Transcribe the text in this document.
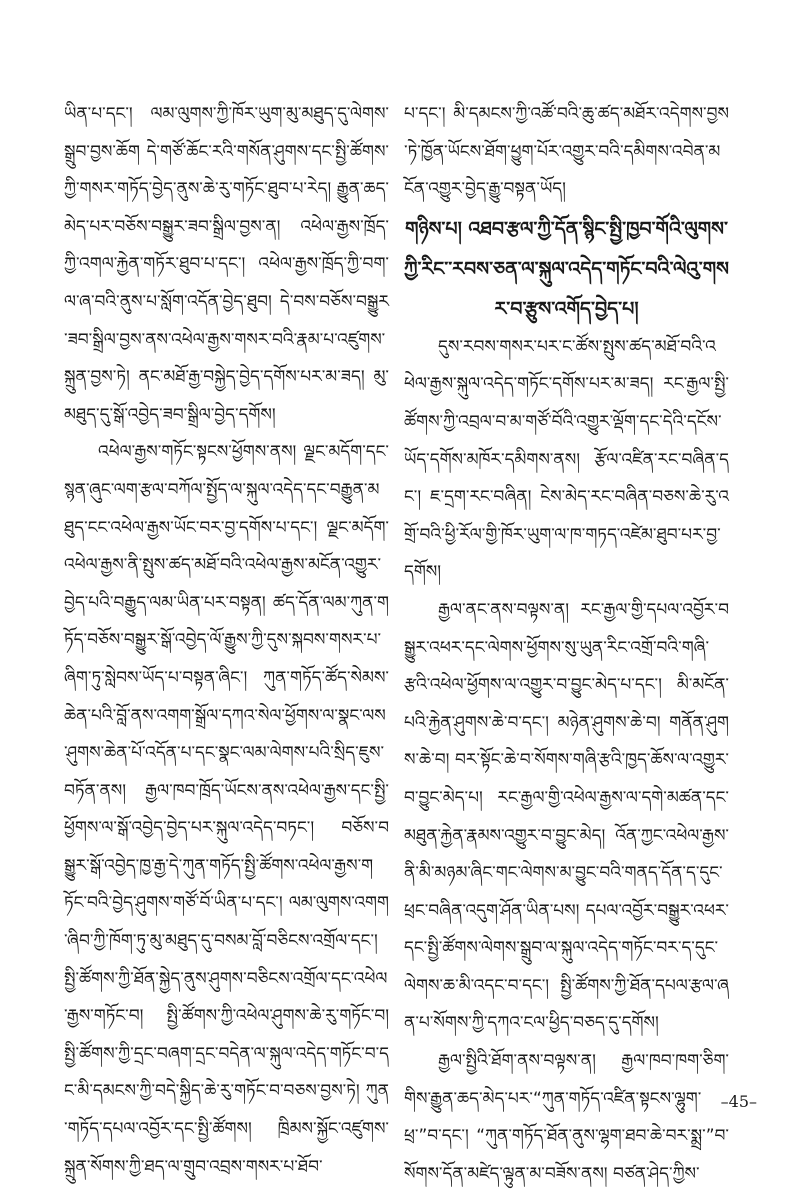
ཡིན་པ་དང་། ལམ་ལུགས་ཀྱི་ཁོར་ཡུག་མུ་མཐུད་དུ་ལེགས་སྒྲུབ་བྱས་ཆོག དེ་གཙོ་ཆོང་རའི་གསོན་ཤུགས་དང་སྤྱི་ཚོགས་ཀྱི་གསར་གཏོད་བྱེད་ནུས་ཆེ་རུ་གཏོང་ཐུབ་པ་རེད། རྒྱུན་ཆད་མེད་པར་བཅོས་བསྒྱུར་ཟབ་སྒྲིལ་བྱས་ན། འཕེལ་རྒྱས་ཁྲོད་ཀྱི་འགལ་རྐྱེན་གཏོར་ཐུབ་པ་དང་། འཕེལ་རྒྱས་ཁྲོད་ཀྱི་བག་ལ་ཞ་བའི་ནུས་པ་སློག་འདོན་བྱེད་ཐུབ། དེ་བས་བཅོས་བསྒྱུར་ཟབ་སྒྲིལ་བྱས་ནས་འཕེལ་རྒྱས་གསར་བའི་རྣམ་པ་འཛུགས་སྐྲུན་བྱས་ཏེ། ནང་མཐོ་རྒྱ་བསྐྱེད་བྱེད་དགོས་པར་མ་ཟད། མུ་མཐུད་དུ་སྒོ་འབྱེད་ཟབ་སྒྲིལ་བྱེད་དགོས།

འཕེལ་རྒྱས་གཏོང་སྟངས་ཕྱོགས་ནས། ལྗང་མདོག་དང་སྙན་ཞུང་ལག་རྩལ་བཀོལ་སྤྱོད་ལ་སྐུལ་འདེད་དང་བརྒྱུན་མཐུད་ངང་འཕེལ་རྒྱས་ཡོང་བར་བྱ་དགོས་པ་དང་། ལྗང་མདོག་འཕེལ་རྒྱས་ནི་སྤུས་ཚད་མཐོ་བའི་འཕེལ་རྒྱས་མངོན་འགྱུར་བྱེད་པའི་བརྒྱུད་ལམ་ཡིན་པར་བསྟན། ཚད་དོན་ལམ་ཀུན་གཏོད་བཅོས་བསྒྱུར་སྒོ་འབྱེད་ལོ་རྒྱུས་ཀྱི་དུས་སྐབས་གསར་པ་ཞིག་ཏུ་སླེབས་ཡོད་པ་བསྟན་ཞིང་། ཀུན་གཏོད་ཚོད་སེམས་ཆེན་པའི་བློ་ནས་འགག་སྒྲོལ་དཀའ་སེལ་ཕྱོགས་ལ་སྣང་ལས་ཤུགས་ཆེན་པོ་འདོན་པ་དང་སྣང་ལམ་ལེགས་པའི་སྲིད་ཇུས་བཏོན་ནས། རྒྱལ་ཁབ་ཁྲོད་ཡོངས་ནས་འཕེལ་རྒྱས་དང་སྤྱི་ཕྱོགས་ལ་སྒོ་འབྱེད་བྱེད་པར་སྐུལ་འདེད་བཏང་། བཅོས་བསྒྱུར་སྒོ་འབྱེད་ཁྱ་རྒྱ་དེ་ཀུན་གཏོད་སྤྱི་ཚོགས་འཕེལ་རྒྱས་གཏོང་བའི་བྱེད་ཤུགས་གཙོ་བོ་ཡིན་པ་དང་། ལམ་ལུགས་འགག་ཞིབ་ཀྱི་ཁོག་ཏུ་མུ་མཐུད་དུ་བསམ་བློ་བཅིངས་འགྲོལ་དང་། སྤྱི་ཚོགས་ཀྱི་ཐོན་སྐྱེད་ནུས་ཤུགས་བཅིངས་འགྲོལ་དང་འཕེལ་རྒྱས་གཏོང་བ། སྤྱི་ཚོགས་ཀྱི་འཕེལ་ཤུགས་ཆེ་རུ་གཏོང་བ། སྤྱི་ཚོགས་ཀྱི་དྲང་བཞག་དྲང་བདེན་ལ་སྐུལ་འདེད་གཏོང་བ་དང་མི་དམངས་ཀྱི་བདེ་སྐྱིད་ཆེ་རུ་གཏོང་བ་བཅས་བྱས་ཏེ། ཀུན་གཏོད་དཔལ་འབྱོར་དང་སྤྱི་ཚོགས། ཁྲིམས་སྐྱོང་འཛུགས་སྐྲུན་སོགས་ཀྱི་ཐད་ལ་གྲུབ་འབྲས་གསར་པ་ཐོབ་

པ་དང་། མི་དམངས་ཀྱི་འཚོ་བའི་ཆུ་ཚད་མཐོར་འདེགས་བྱས་ཏེ་ཁྱོན་ཡོངས་ཐོག་ཕྱུག་པོར་འགྱུར་བའི་དམིགས་འབེན་མངོན་འགྱུར་བྱེད་རྒྱུ་བསྟན་ཡོད།

གཉིས་པ། འཐབ་རྩལ་ཀྱི་དོན་སྙིང་སྤྱི་ཁྱབ་གོའི་ལུགས་ཀྱི་རིང་་རབས་ཅན་ལ་སྐུལ་འདེད་གཏོང་བའི་ལེའུ་གསར་བ་རྩུས་འགོད་བྱེད་པ།

དུས་རབས་གསར་པར་ང་ཚོས་སྤུས་ཚད་མཐོ་བའི་འཕེལ་རྒྱས་སྐུལ་འདེད་གཏོང་དགོས་པར་མ་ཟད། རང་རྒྱལ་སྤྱི་ཚོགས་ཀྱི་འབྲལ་བ་མ་གཙོ་བོའི་འགྱུར་ལྡོག་དང་དེའི་དངོས་ཡོད་དགོས་མཁོར་དམིགས་ནས། རྩོལ་འཛིན་རང་བཞིན་དང་། ཇ་དྲག་རང་བཞིན། ངེས་མེད་རང་བཞིན་བཅས་ཆེ་རུ་འགྲོ་བའི་ཕྱི་རོལ་གྱི་ཁོར་ཡུག་ལ་ཁ་གཏད་འཛེམ་ཐུབ་པར་བྱ་དགོས།

རྒྱལ་ནང་ནས་བལྟས་ན། རང་རྒྱལ་གྱི་དཔལ་འབྱོར་བསྒྱུར་འཕར་དང་ལེགས་ཕྱོགས་སུ་ཡུན་རིང་འགྲོ་བའི་གཞི་རྩའི་འཕེལ་ཕྱོགས་ལ་འགྱུར་བ་བྱུང་མེད་པ་དང་། མི་མངོན་པའི་རྐྱེན་ཤུགས་ཆེ་བ་དང་། མཉེན་ཤུགས་ཆེ་བ། གནོན་ཤུགས་ཆེ་བ། བར་སྟོང་ཆེ་བ་སོགས་གཞི་རྩའི་ཁྱད་ཆོས་ལ་འགྱུར་བ་བྱུང་མེད་པ། རང་རྒྱལ་གྱི་འཕེལ་རྒྱས་ལ་དགེ་མཚན་དང་མཐུན་རྐྱེན་རྣམས་འགྱུར་བ་བྱུང་མེད། འོན་ཀྱང་འཕེལ་རྒྱས་ནི་མི་མཉམ་ཞིང་གང་ལེགས་མ་བྱུང་བའི་གནད་དོན་ད་དུང་ཕྲང་བཞིན་འདུག་ཤོན་ཡིན་པས། དཔལ་འབྱོར་བསྒྱུར་འཕར་དང་སྤྱི་ཚོགས་ལེགས་སྒྲུབ་ལ་སྐུལ་འདེད་གཏོང་བར་ད་དུང་ལེགས་ཆ་མི་འདང་བ་དང་། སྤྱི་ཚོགས་ཀྱི་ཐོན་དཔལ་རྩལ་ཞན་པ་སོགས་ཀྱི་དཀའ་ངལ་ཕྱིད་བཅད་དུ་དགོས།

རྒྱལ་སྤྱིའི་ཐོག་ནས་བལྟས་ན། རྒྱལ་ཁབ་ཁག་ཅིག་གིས་རྒྱུན་ཆད་མེད་པར་“ཀུན་གཏོད་འཛིན་སྟངས་ལྷུག་ཕྲ་”བ་དང་། “ཀུན་གཏོད་ཐོན་ནུས་ལྷག་ཐབ་ཆེ་བར་སྨྲ་”བ་སོགས་དོན་མཛེད་ལྟུན་མ་བཟོས་ནས། བཙན་ཤེད་ཀྱིས་

–45–
